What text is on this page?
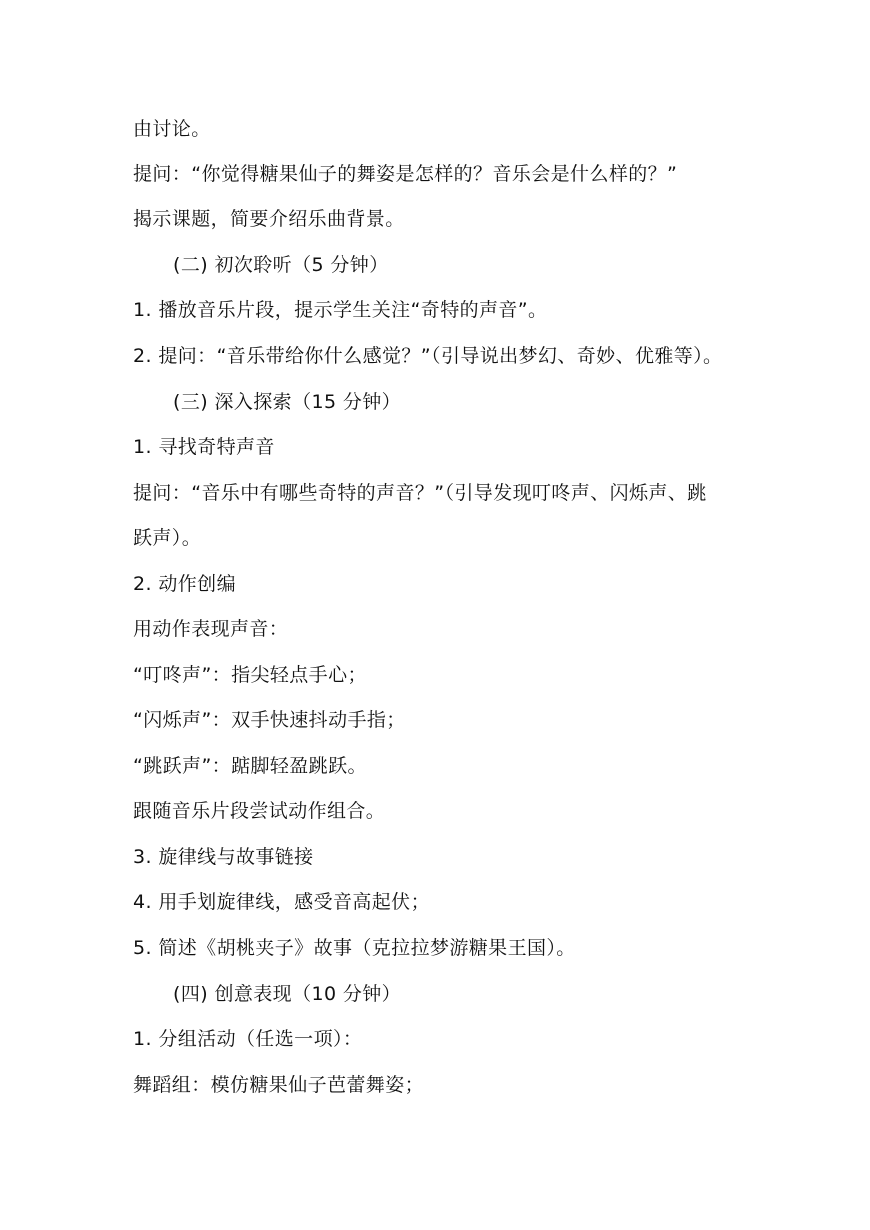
由讨论。
提问：“你觉得糖果仙子的舞姿是怎样的？音乐会是什么样的？”
揭示课题，简要介绍乐曲背景。
(二) 初次聆听（5 分钟）
1. 播放音乐片段，提示学生关注“奇特的声音”。
2. 提问：“音乐带给你什么感觉？”（引导说出梦幻、奇妙、优雅等）。
(三) 深入探索（15 分钟）
1. 寻找奇特声音
提问：“音乐中有哪些奇特的声音？”（引导发现叮咚声、闪烁声、跳
跃声）。
2. 动作创编
用动作表现声音：
“叮咚声”：指尖轻点手心；
“闪烁声”：双手快速抖动手指；
“跳跃声”：踮脚轻盈跳跃。
跟随音乐片段尝试动作组合。
3. 旋律线与故事链接
4. 用手划旋律线，感受音高起伏；
5. 简述《胡桃夹子》故事（克拉拉梦游糖果王国）。
(四) 创意表现（10 分钟）
1. 分组活动（任选一项）：
舞蹈组：模仿糖果仙子芭蕾舞姿；
